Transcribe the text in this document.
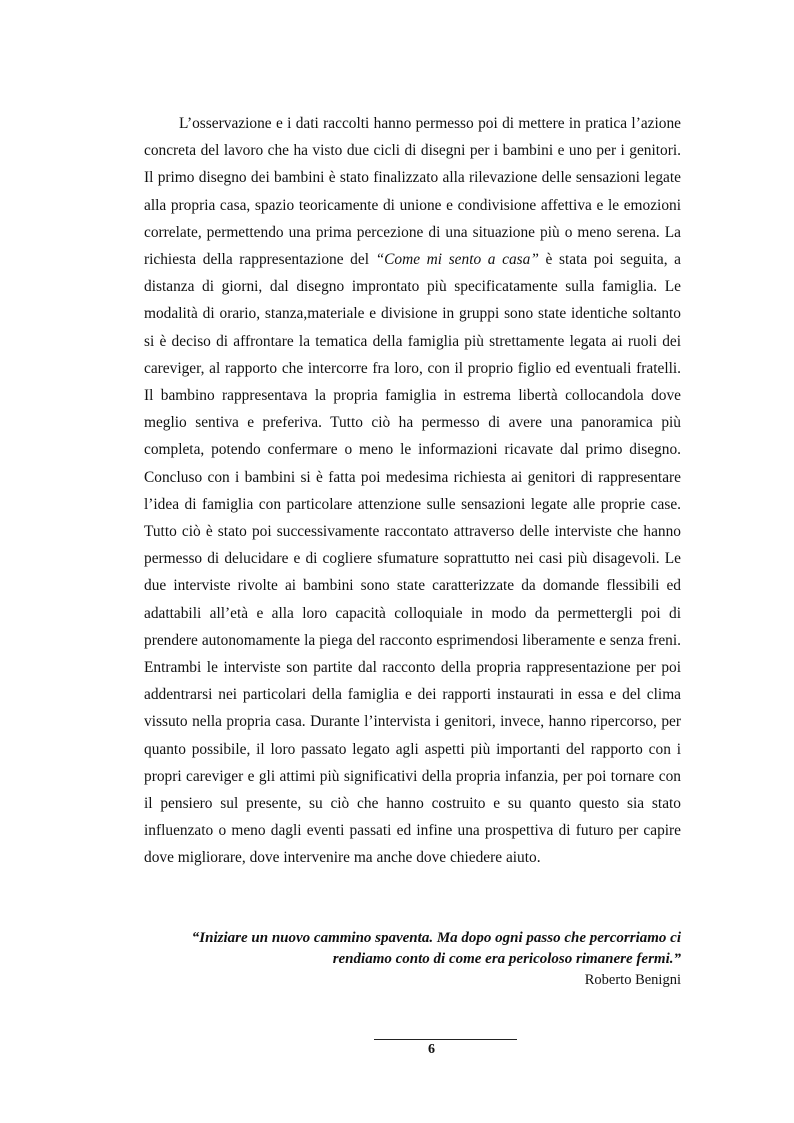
L’osservazione e i dati raccolti hanno permesso poi di mettere in pratica l’azione concreta del lavoro che ha visto due cicli di disegni per i bambini e uno per i genitori. Il primo disegno dei bambini è stato finalizzato alla rilevazione delle sensazioni legate alla propria casa, spazio teoricamente di unione e condivisione affettiva e le emozioni correlate, permettendo una prima percezione di una situazione più o meno serena. La richiesta della rappresentazione del “Come mi sento a casa” è stata poi seguita, a distanza di giorni, dal disegno improntato più specificatamente sulla famiglia. Le modalità di orario, stanza,materiale e divisione in gruppi sono state identiche soltanto si è deciso di affrontare la tematica della famiglia più strettamente legata ai ruoli dei careviger, al rapporto che intercorre fra loro, con il proprio figlio ed eventuali fratelli. Il bambino rappresentava la propria famiglia in estrema libertà collocandola dove meglio sentiva e preferiva. Tutto ciò ha permesso di avere una panoramica più completa, potendo confermare o meno le informazioni ricavate dal primo disegno. Concluso con i bambini si è fatta poi medesima richiesta ai genitori di rappresentare l’idea di famiglia con particolare attenzione sulle sensazioni legate alle proprie case. Tutto ciò è stato poi successivamente raccontato attraverso delle interviste che hanno permesso di delucidare e di cogliere sfumature soprattutto nei casi più disagevoli. Le due interviste rivolte ai bambini sono state caratterizzate da domande flessibili ed adattabili all’età e alla loro capacità colloquiale in modo da permettergli poi di prendere autonomamente la piega del racconto esprimendosi liberamente e senza freni. Entrambi le interviste son partite dal racconto della propria rappresentazione per poi addentrarsi nei particolari della famiglia e dei rapporti instaurati in essa e del clima vissuto nella propria casa. Durante l’intervista i genitori, invece, hanno ripercorso, per quanto possibile, il loro passato legato agli aspetti più importanti del rapporto con i propri careviger e gli attimi più significativi della propria infanzia, per poi tornare con il pensiero sul presente, su ciò che hanno costruito e su quanto questo sia stato influenzato o meno dagli eventi passati ed infine una prospettiva di futuro per capire dove migliorare, dove intervenire ma anche dove chiedere aiuto.

“Iniziare un nuovo cammino spaventa. Ma dopo ogni passo che percorriamo ci rendiamo conto di come era pericoloso rimanere fermi.”
Roberto Benigni
6
